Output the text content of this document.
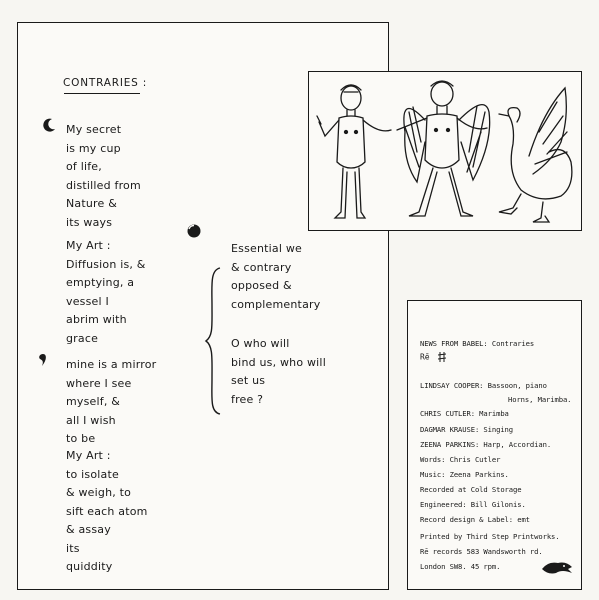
CONTRARIES :
My secret
is my cup
of life,
distilled from
Nature &
its ways
My Art :
Diffusion is, &
emptying, a
vessel I
abrim with
grace
mine is a mirror
where I see
myself, &
all I wish
to be
My Art :
to isolate
& weigh, to
sift each atom
& assay
its
quiddity
Essential we
& contrary
opposed &
complementary
O who will
bind us, who will
set us
free ?
NEWS FROM BABEL: Contraries
Rē
LINDSAY COOPER: Bassoon, piano
Horns, Marimba.
CHRIS CUTLER: Marimba
DAGMAR KRAUSE: Singing
ZEENA PARKINS: Harp, Accordian.
Words: Chris Cutler
Music: Zeena Parkins.
Recorded at Cold Storage
Engineered: Bill Gilonis.
Record design & Label: emt
Printed by Third Step Printworks.
Rē records 583 Wandsworth rd.
London SW8. 45 rpm.
